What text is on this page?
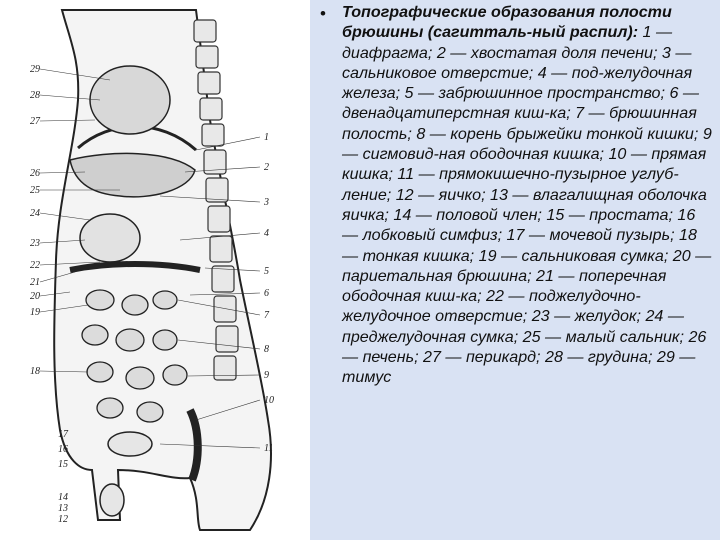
29
28
27
26
25
24
23
22
21
20
19
18
17
16
15
14
13
12
1
2
3
4
5
6
7
8
9
10
11
• Топографические образования полости брюшины (сагитталь-ный распил): 1 — диафрагма; 2 — хвостатая доля печени; 3 — сальниковое отверстие; 4 — под-желудочная железа; 5 — забрюшинное пространство; 6 — двенадцатиперстная киш-ка; 7 — брюшинная полость; 8 — корень брыжейки тонкой кишки; 9 — сигмовид-ная ободочная кишка; 10 — прямая кишка; 11 — прямокишечно-пузырное углуб-ление; 12 — яичко; 13 — влагалищная оболочка яичка; 14 — половой член; 15 — простата; 16 — лобковый симфиз; 17 — мочевой пузырь; 18 — тонкая кишка; 19 — сальниковая сумка; 20 — париетальная брюшина; 21 — поперечная ободочная киш-ка; 22 — поджелудочно-желудочное отверстие; 23 — желудок; 24 — преджелудочная сумка; 25 — малый сальник; 26 — печень; 27 — перикард; 28 — грудина; 29 — тимус
